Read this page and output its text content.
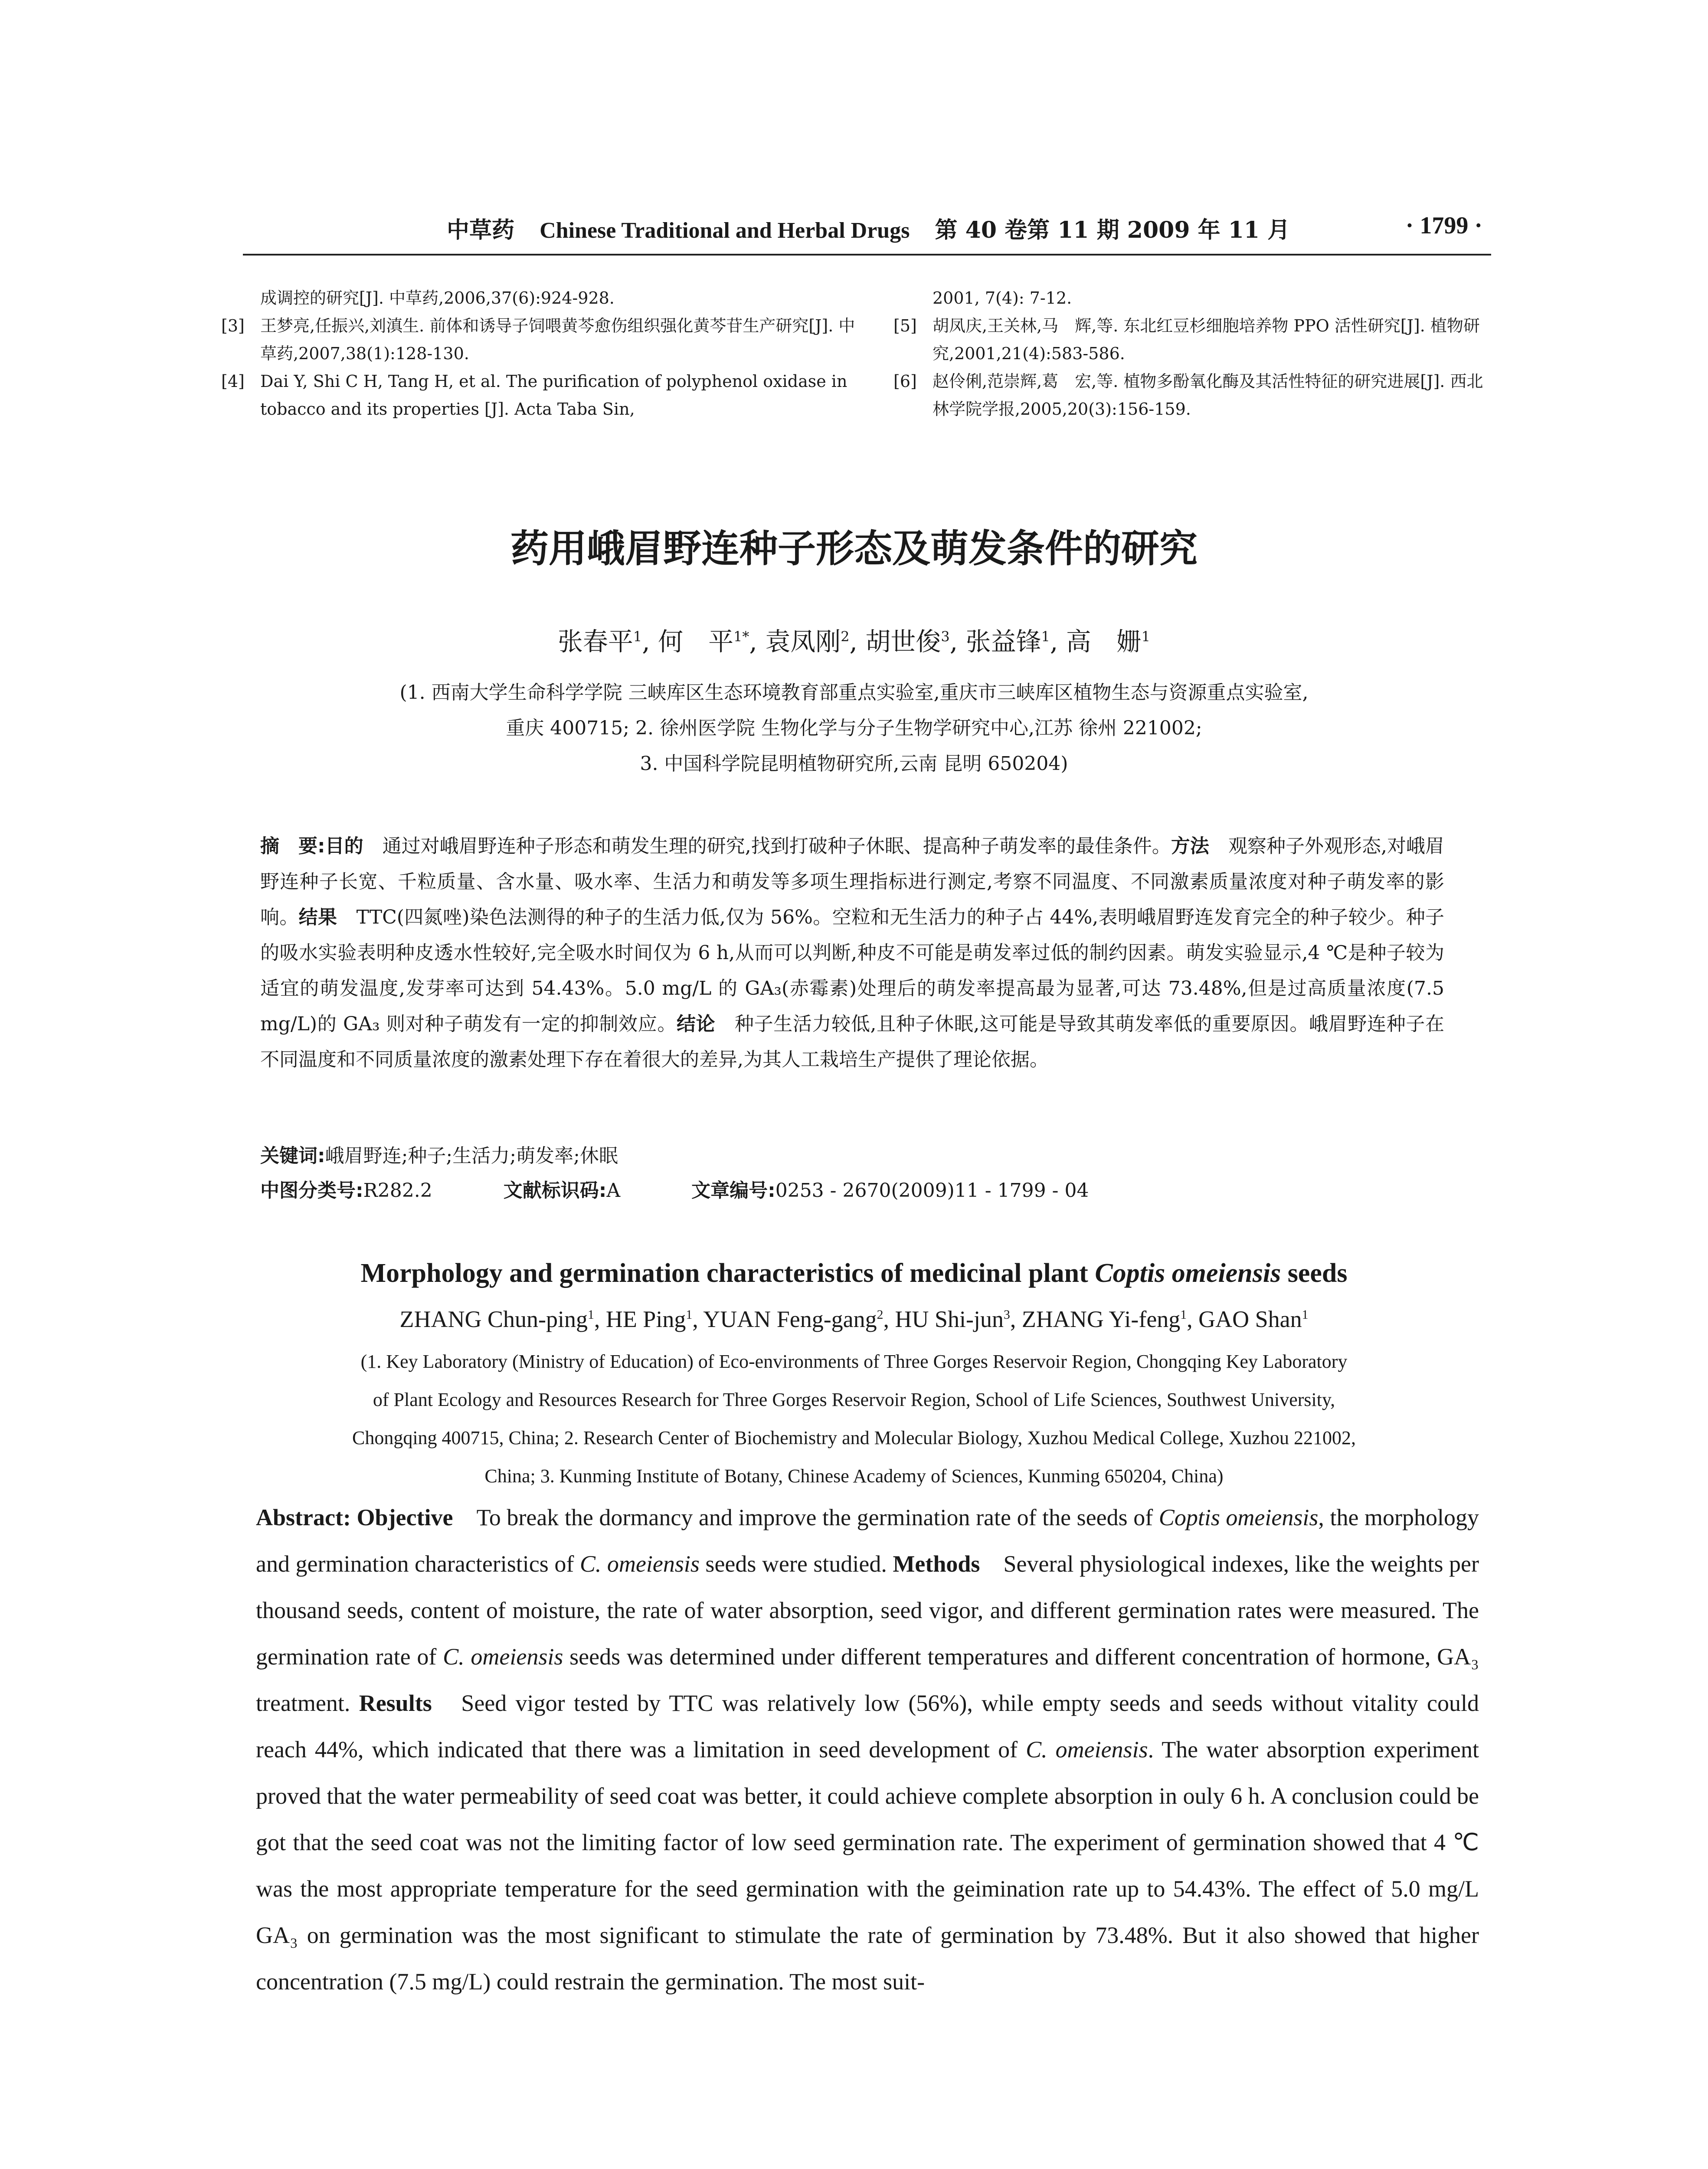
中草药 Chinese Traditional and Herbal Drugs 第 40 卷第 11 期 2009 年 11 月	· 1799 ·
成调控的研究[J]. 中草药,2006,37(6):924-928.
[3] 王梦亮,任振兴,刘滇生. 前体和诱导子饲喂黄芩愈伤组织强化黄芩苷生产研究[J]. 中草药,2007,38(1):128-130.
[4] Dai Y, Shi C H, Tang H, et al. The purification of polyphenol oxidase in tobacco and its properties [J]. Acta Taba Sin,
2001, 7(4): 7-12.
[5] 胡凤庆,王关林,马　辉,等. 东北红豆杉细胞培养物 PPO 活性研究[J]. 植物研究,2001,21(4):583-586.
[6] 赵伶俐,范崇辉,葛　宏,等. 植物多酚氧化酶及其活性特征的研究进展[J]. 西北林学院学报,2005,20(3):156-159.
药用峨眉野连种子形态及萌发条件的研究
张春平$^1$, 何　平$^{1*}$, 袁凤刚$^2$, 胡世俊$^3$, 张益锋$^1$, 高　姗$^1$
(1. 西南大学生命科学学院 三峡库区生态环境教育部重点实验室,重庆市三峡库区植物生态与资源重点实验室,
重庆 400715; 2. 徐州医学院 生物化学与分子生物学研究中心,江苏 徐州 221002;
3. 中国科学院昆明植物研究所,云南 昆明 650204)
摘　要:目的　通过对峨眉野连种子形态和萌发生理的研究,找到打破种子休眠、提高种子萌发率的最佳条件。方法　观察种子外观形态,对峨眉野连种子长宽、千粒质量、含水量、吸水率、生活力和萌发等多项生理指标进行测定,考察不同温度、不同激素质量浓度对种子萌发率的影响。结果　TTC(四氮唑)染色法测得的种子的生活力低,仅为 56%。空粒和无生活力的种子占 44%,表明峨眉野连发育完全的种子较少。种子的吸水实验表明种皮透水性较好,完全吸水时间仅为 6 h,从而可以判断,种皮不可能是萌发率过低的制约因素。萌发实验显示,4 ℃是种子较为适宜的萌发温度,发芽率可达到 54.43%。5.0 mg/L 的 GA₃(赤霉素)处理后的萌发率提高最为显著,可达 73.48%,但是过高质量浓度(7.5 mg/L)的 GA₃ 则对种子萌发有一定的抑制效应。结论　种子生活力较低,且种子休眠,这可能是导致其萌发率低的重要原因。峨眉野连种子在不同温度和不同质量浓度的激素处理下存在着很大的差异,为其人工栽培生产提供了理论依据。
关键词:峨眉野连;种子;生活力;萌发率;休眠
中图分类号:R282.2	文献标识码:A	文章编号:0253 - 2670(2009)11 - 1799 - 04
Morphology and germination characteristics of medicinal plant Coptis omeiensis seeds
ZHANG Chun-ping$^1$, HE Ping$^1$, YUAN Feng-gang$^2$, HU Shi-jun$^3$, ZHANG Yi-feng$^1$, GAO Shan$^1$
(1. Key Laboratory (Ministry of Education) of Eco-environments of Three Gorges Reservoir Region, Chongqing Key Laboratory
of Plant Ecology and Resources Research for Three Gorges Reservoir Region, School of Life Sciences, Southwest University,
Chongqing 400715, China; 2. Research Center of Biochemistry and Molecular Biology, Xuzhou Medical College, Xuzhou 221002,
China; 3. Kunming Institute of Botany, Chinese Academy of Sciences, Kunming 650204, China)
Abstract: Objective　To break the dormancy and improve the germination rate of the seeds of Coptis omeiensis, the morphology and germination characteristics of C. omeiensis seeds were studied. Methods　Several physiological indexes, like the weights per thousand seeds, content of moisture, the rate of water absorption, seed vigor, and different germination rates were measured. The germination rate of C. omeiensis seeds was determined under different temperatures and different concentration of hormone, GA₃ treatment. Results　Seed vigor tested by TTC was relatively low (56%), while empty seeds and seeds without vitality could reach 44%, which indicated that there was a limitation in seed development of C. omeiensis. The water absorption experiment proved that the water permeability of seed coat was better, it could achieve complete absorption in ouly 6 h. A conclusion could be got that the seed coat was not the limiting factor of low seed germination rate. The experiment of germination showed that 4 ℃ was the most appropriate temperature for the seed germination with the geimination rate up to 54.43%. The effect of 5.0 mg/L GA₃ on germination was the most significant to stimulate the rate of germination by 73.48%. But it also showed that higher concentration (7.5 mg/L) could restrain the germination. The most suit-
